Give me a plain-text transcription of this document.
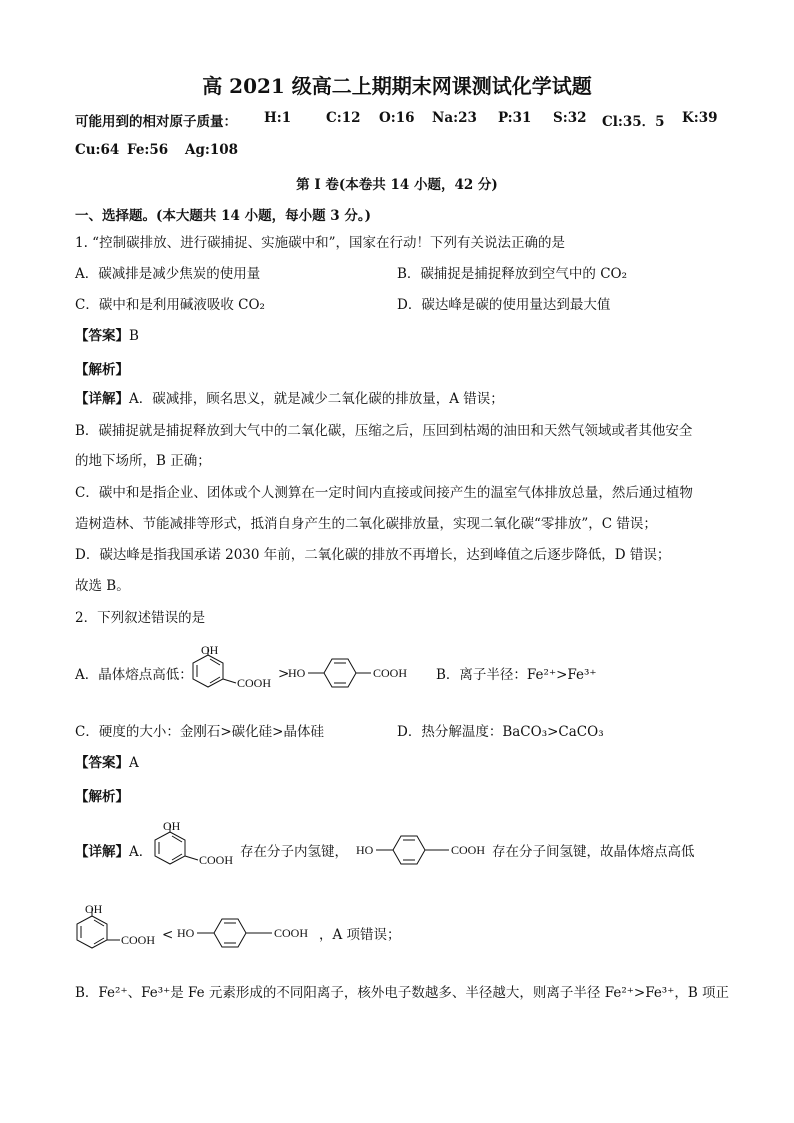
高 2021 级高二上期期末网课测试化学试题
可能用到的相对原子质量： H:1	C:12 O:16 Na:23 P:31 S:32 Cl:35．5 K:39
Cu:64 Fe:56 Ag:108
第 I 卷(本卷共 14 小题，42 分)
一、选择题。(本大题共 14 小题，每小题 3 分。)
1. “控制碳排放、进行碳捕捉、实施碳中和”，国家在行动！下列有关说法正确的是
A．碳减排是减少焦炭的使用量	B．碳捕捉是捕捉释放到空气中的 CO₂
C．碳中和是利用碱液吸收 CO₂	D．碳达峰是碳的使用量达到最大值
【答案】B
【解析】
【详解】A．碳减排，顾名思义，就是减少二氧化碳的排放量，A 错误；
B．碳捕捉就是捕捉释放到大气中的二氧化碳，压缩之后，压回到枯竭的油田和天然气领域或者其他安全
的地下场所，B 正确；
C．碳中和是指企业、团体或个人测算在一定时间内直接或间接产生的温室气体排放总量，然后通过植物
造树造林、节能减排等形式，抵消自身产生的二氧化碳排放量，实现二氧化碳“零排放”，C 错误；
D．碳达峰是指我国承诺 2030 年前，二氧化碳的排放不再增长，达到峰值之后逐步降低，D 错误；
故选 B。
2．下列叙述错误的是
A．晶体熔点高低：
OH
COOH
>
HO	COOH B．离子半径：Fe²⁺>Fe³⁺
C．硬度的大小：金刚石>碳化硅>晶体硅	D．热分解温度：BaCO₃>CaCO₃
【答案】A
【解析】
【详解】A．
OH
COOH 存在分子内氢键， HO	COOH 存在分子间氢键，故晶体熔点高低
OH
COOH < HO	COOH ，A 项错误；
B．Fe²⁺、Fe³⁺是 Fe 元素形成的不同阳离子，核外电子数越多、半径越大，则离子半径 Fe²⁺>Fe³⁺，B 项正
